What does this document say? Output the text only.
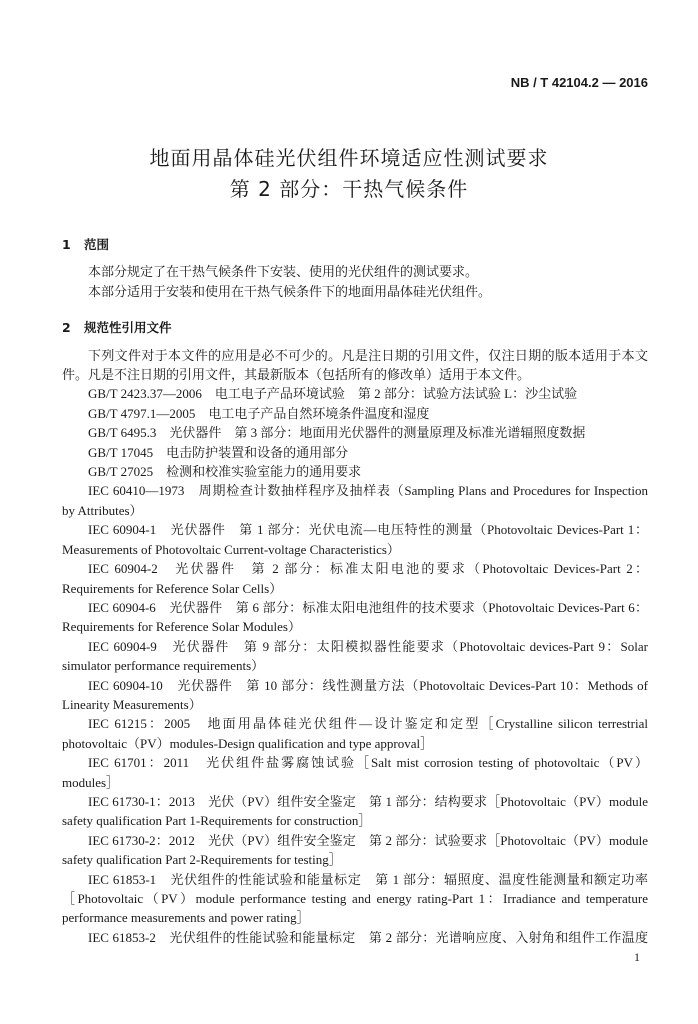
NB / T 42104.2 — 2016
地面用晶体硅光伏组件环境适应性测试要求
第 2 部分：干热气候条件
1 范围
本部分规定了在干热气候条件下安装、使用的光伏组件的测试要求。
本部分适用于安装和使用在干热气候条件下的地面用晶体硅光伏组件。
2 规范性引用文件
下列文件对于本文件的应用是必不可少的。凡是注日期的引用文件，仅注日期的版本适用于本文
件。凡是不注日期的引用文件，其最新版本（包括所有的修改单）适用于本文件。
GB/T 2423.37—2006　电工电子产品环境试验　第 2 部分：试验方法试验 L：沙尘试验
GB/T 4797.1—2005　电工电子产品自然环境条件温度和湿度
GB/T 6495.3　光伏器件　第 3 部分：地面用光伏器件的测量原理及标准光谱辐照度数据
GB/T 17045　电击防护装置和设备的通用部分
GB/T 27025　检测和校准实验室能力的通用要求
IEC 60410—1973　周期检查计数抽样程序及抽样表（Sampling Plans and Procedures for Inspection
by Attributes）
IEC 60904-1　光伏器件　第 1 部分：光伏电流—电压特性的测量（Photovoltaic Devices-Part 1：
Measurements of Photovoltaic Current-voltage Characteristics）
IEC 60904-2　光伏器件　第 2 部分：标准太阳电池的要求（Photovoltaic Devices-Part 2：
Requirements for Reference Solar Cells）
IEC 60904-6　光伏器件　第 6 部分：标准太阳电池组件的技术要求（Photovoltaic Devices-Part 6：
Requirements for Reference Solar Modules）
IEC 60904-9　光伏器件　第 9 部分：太阳模拟器性能要求（Photovoltaic devices-Part 9：Solar
simulator performance requirements）
IEC 60904-10　光伏器件　第 10 部分：线性测量方法（Photovoltaic Devices-Part 10：Methods of
Linearity Measurements）
IEC 61215：2005　地面用晶体硅光伏组件—设计鉴定和定型［Crystalline silicon terrestrial
photovoltaic（PV）modules-Design qualification and type approval］
IEC 61701：2011　光伏组件盐雾腐蚀试验［Salt mist corrosion testing of photovoltaic（PV）
modules］
IEC 61730-1：2013　光伏（PV）组件安全鉴定　第 1 部分：结构要求［Photovoltaic（PV）module
safety qualification Part 1-Requirements for construction］
IEC 61730-2：2012　光伏（PV）组件安全鉴定　第 2 部分：试验要求［Photovoltaic（PV）module
safety qualification Part 2-Requirements for testing］
IEC 61853-1　光伏组件的性能试验和能量标定　第 1 部分：辐照度、温度性能测量和额定功率
［Photovoltaic（PV）module performance testing and energy rating-Part 1：Irradiance and temperature
performance measurements and power rating］
IEC 61853-2　光伏组件的性能试验和能量标定　第 2 部分：光谱响应度、入射角和组件工作温度
1
